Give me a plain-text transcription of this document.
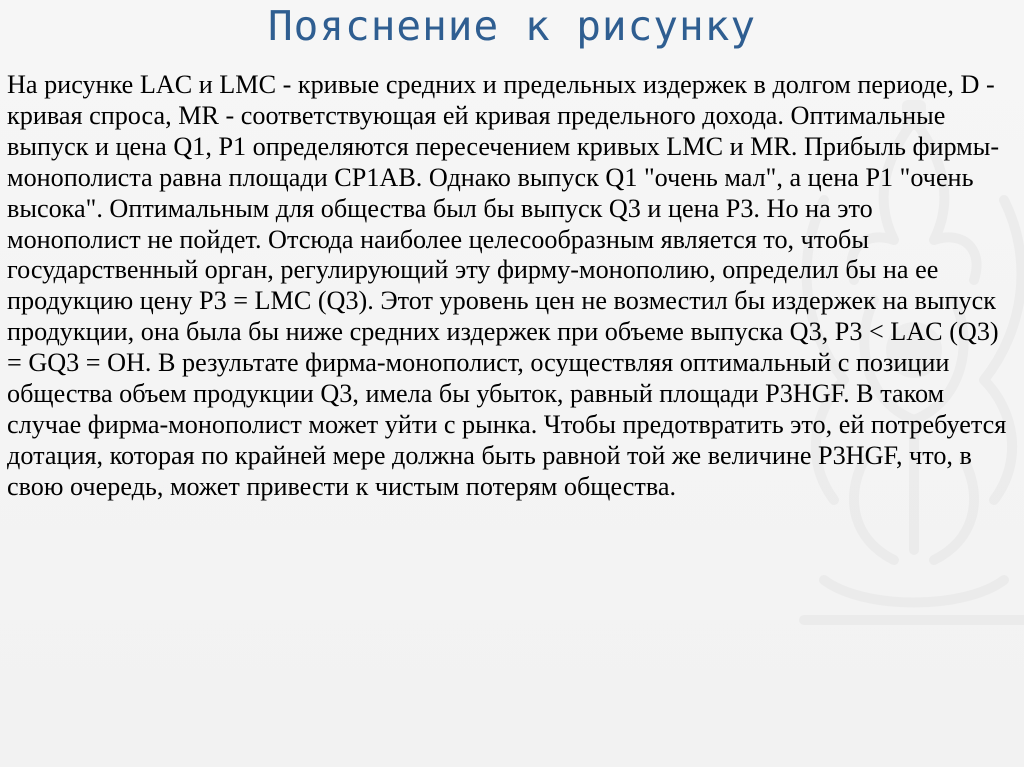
Пояснение к рисунку

На рисунке LAC и LMC - кривые средних и предельных издержек в долгом периоде, D - кривая спроса, MR - соответствующая ей кривая предельного дохода. Оптимальные выпуск и цена Q1, P1 определяются пересечением кривых LMC и MR. Прибыль фирмы-монополиста равна площади CP1AB. Однако выпуск Q1 "очень мал", а цена P1 "очень высока". Оптимальным для общества был бы выпуск Q3 и цена P3. Но на это монополист не пойдет. Отсюда наиболее целесообразным является то, чтобы государственный орган, регулирующий эту фирму-монополию, определил бы на ее продукцию цену P3 = LMC (Q3). Этот уровень цен не возместил бы издержек на выпуск продукции, она была бы ниже средних издержек при объеме выпуска Q3, P3 < LAC (Q3) = GQ3 = OH. В результате фирма-монополист, осуществляя оптимальный с позиции общества объем продукции Q3, имела бы убыток, равный площади P3HGF. В таком случае фирма-монополист может уйти с рынка. Чтобы предотвратить это, ей потребуется дотация, которая по крайней мере должна быть равной той же величине P3HGF, что, в свою очередь, может привести к чистым потерям общества.
